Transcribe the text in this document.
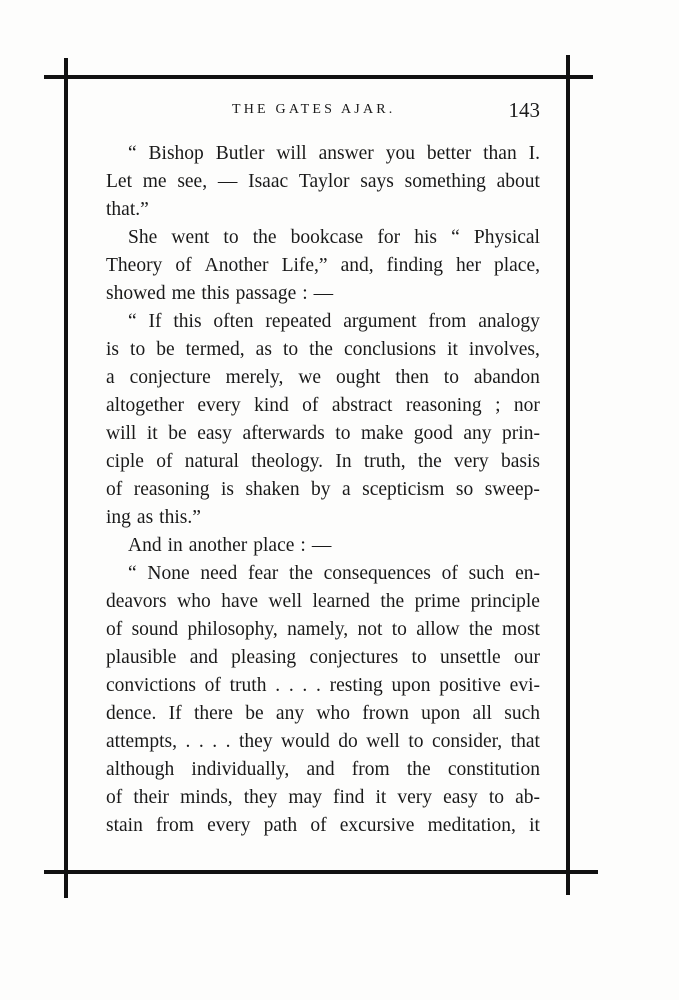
THE GATES AJAR.	143
“ Bishop Butler will answer you better than I.
Let me see, — Isaac Taylor says something about
that.”
She went to the bookcase for his “ Physical
Theory of Another Life,” and, finding her place,
showed me this passage : —
“ If this often repeated argument from analogy
is to be termed, as to the conclusions it involves,
a conjecture merely, we ought then to abandon
altogether every kind of abstract reasoning ; nor
will it be easy afterwards to make good any prin-
ciple of natural theology. In truth, the very basis
of reasoning is shaken by a scepticism so sweep-
ing as this.”
And in another place : —
“ None need fear the consequences of such en-
deavors who have well learned the prime principle
of sound philosophy, namely, not to allow the most
plausible and pleasing conjectures to unsettle our
convictions of truth . . . . resting upon positive evi-
dence. If there be any who frown upon all such
attempts, . . . . they would do well to consider, that
although individually, and from the constitution
of their minds, they may find it very easy to ab-
stain from every path of excursive meditation, it
